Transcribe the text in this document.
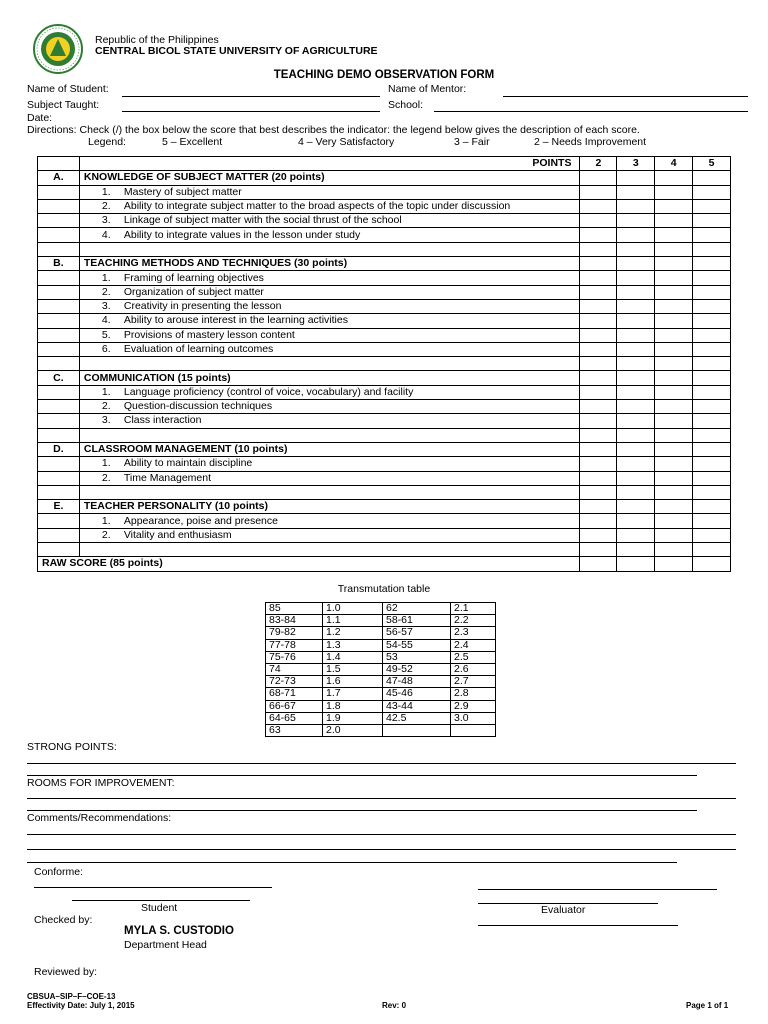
Republic of the Philippines
CENTRAL BICOL STATE UNIVERSITY OF AGRICULTURE
TEACHING DEMO OBSERVATION FORM
Name of Student:	Name of Mentor:
Subject Taught:	School:
Date:
Directions: Check (/) the box below the score that best describes the indicator: the legend below gives the description of each score.
Legend:	5 – Excellent	4 – Very Satisfactory	3 – Fair	2 – Needs Improvement
	POINTS	2	3	4	5
A.	KNOWLEDGE OF SUBJECT MATTER (20 points)				
	1. Mastery of subject matter				
	2. Ability to integrate subject matter to the broad aspects of the topic under discussion				
	3. Linkage of subject matter with the social thrust of the school				
	4. Ability to integrate values in the lesson under study				

B.	TEACHING METHODS AND TECHNIQUES (30 points)				
	1. Framing of learning objectives				
	2. Organization of subject matter				
	3. Creativity in presenting the lesson				
	4. Ability to arouse interest in the learning activities				
	5. Provisions of mastery lesson content				
	6. Evaluation of learning outcomes				

C.	COMMUNICATION (15 points)				
	1. Language proficiency (control of voice, vocabulary) and facility				
	2. Question-discussion techniques				
	3. Class interaction				

D.	CLASSROOM MANAGEMENT (10 points)				
	1. Ability to maintain discipline				
	2. Time Management				

E.	TEACHER PERSONALITY (10 points)				
	1. Appearance, poise and presence				
	2. Vitality and enthusiasm				

RAW SCORE (85 points)					
Transmutation table
85	1.0	62	2.1
83-84	1.1	58-61	2.2
79-82	1.2	56-57	2.3
77-78	1.3	54-55	2.4
75-76	1.4	53	2.5
74	1.5	49-52	2.6
72-73	1.6	47-48	2.7
68-71	1.7	45-46	2.8
66-67	1.8	43-44	2.9
64-65	1.9	42.5	3.0
63	2.0		
STRONG POINTS:
ROOMS FOR IMPROVEMENT:
Comments/Recommendations:
Conforme:
Student	Evaluator
Checked by:
MYLA S. CUSTODIO
Department Head
Reviewed by:
CBSUA–SIP–F–COE-13
Effectivity Date: July 1, 2015	Rev: 0	Page 1 of 1
